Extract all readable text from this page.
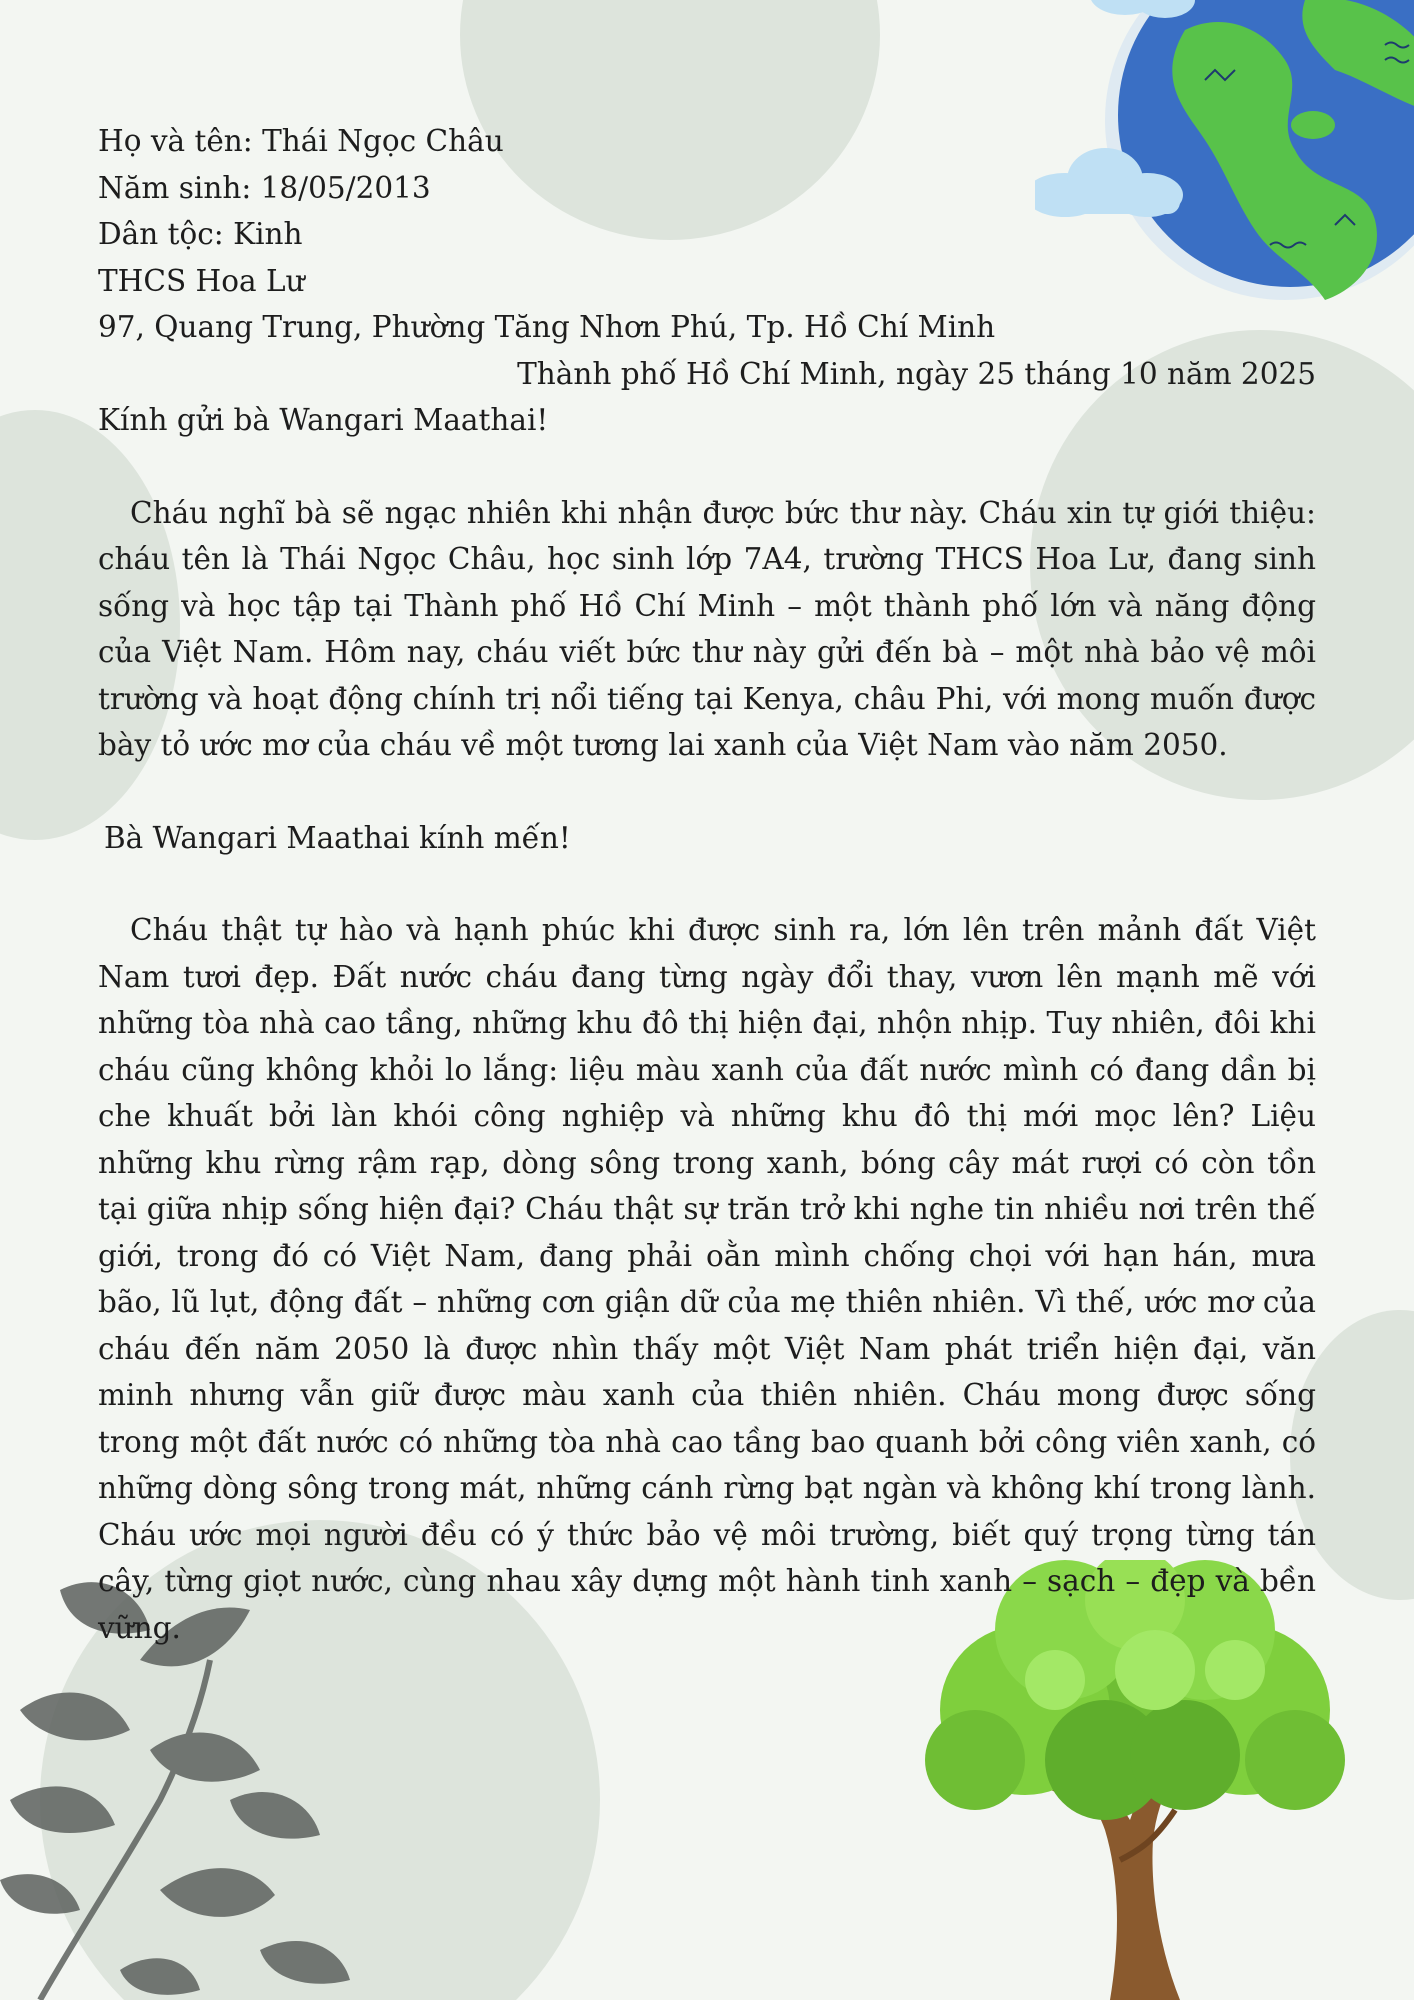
Họ và tên: Thái Ngọc Châu
Năm sinh: 18/05/2013
Dân tộc: Kinh
THCS Hoa Lư
97, Quang Trung, Phường Tăng Nhơn Phú, Tp. Hồ Chí Minh
Thành phố Hồ Chí Minh, ngày 25 tháng 10 năm 2025
Kính gửi bà Wangari Maathai!

Cháu nghĩ bà sẽ ngạc nhiên khi nhận được bức thư này. Cháu xin tự giới thiệu: cháu tên là Thái Ngọc Châu, học sinh lớp 7A4, trường THCS Hoa Lư, đang sinh sống và học tập tại Thành phố Hồ Chí Minh – một thành phố lớn và năng động của Việt Nam. Hôm nay, cháu viết bức thư này gửi đến bà – một nhà bảo vệ môi trường và hoạt động chính trị nổi tiếng tại Kenya, châu Phi, với mong muốn được bày tỏ ước mơ của cháu về một tương lai xanh của Việt Nam vào năm 2050.

Bà Wangari Maathai kính mến!

Cháu thật tự hào và hạnh phúc khi được sinh ra, lớn lên trên mảnh đất Việt Nam tươi đẹp. Đất nước cháu đang từng ngày đổi thay, vươn lên mạnh mẽ với những tòa nhà cao tầng, những khu đô thị hiện đại, nhộn nhịp. Tuy nhiên, đôi khi cháu cũng không khỏi lo lắng: liệu màu xanh của đất nước mình có đang dần bị che khuất bởi làn khói công nghiệp và những khu đô thị mới mọc lên? Liệu những khu rừng rậm rạp, dòng sông trong xanh, bóng cây mát rượi có còn tồn tại giữa nhịp sống hiện đại? Cháu thật sự trăn trở khi nghe tin nhiều nơi trên thế giới, trong đó có Việt Nam, đang phải oằn mình chống chọi với hạn hán, mưa bão, lũ lụt, động đất – những cơn giận dữ của mẹ thiên nhiên. Vì thế, ước mơ của cháu đến năm 2050 là được nhìn thấy một Việt Nam phát triển hiện đại, văn minh nhưng vẫn giữ được màu xanh của thiên nhiên. Cháu mong được sống trong một đất nước có những tòa nhà cao tầng bao quanh bởi công viên xanh, có những dòng sông trong mát, những cánh rừng bạt ngàn và không khí trong lành. Cháu ước mọi người đều có ý thức bảo vệ môi trường, biết quý trọng từng tán cây, từng giọt nước, cùng nhau xây dựng một hành tinh xanh – sạch – đẹp và bền vững.
